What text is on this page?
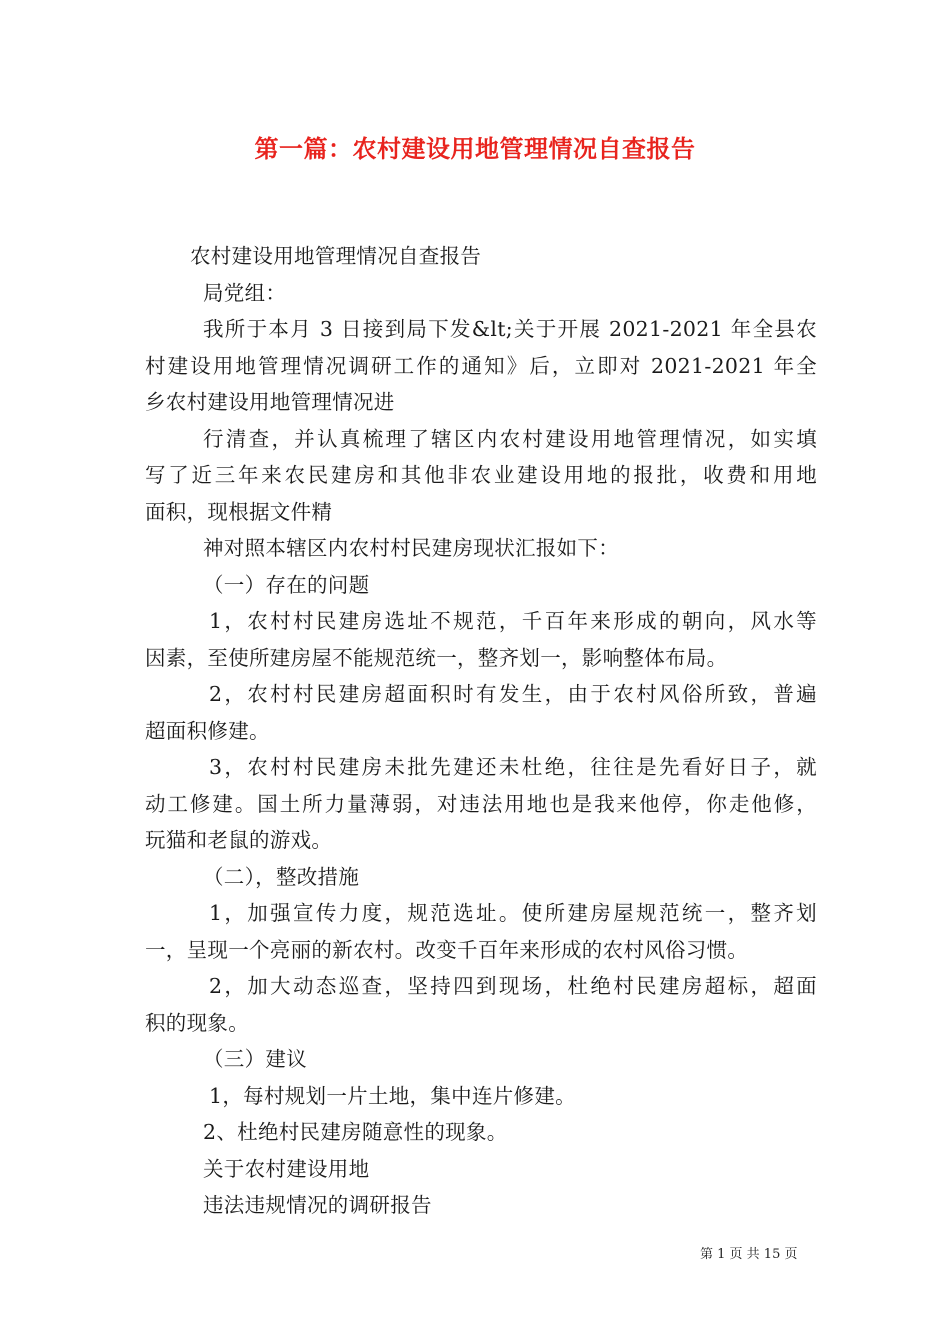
第一篇：农村建设用地管理情况自查报告
农村建设用地管理情况自查报告
局党组：
我所于本月 3 日接到局下发&lt;关于开展 2021-2021 年全县农
村建设用地管理情况调研工作的通知》后，立即对 2021-2021 年全
乡农村建设用地管理情况进
行清查，并认真梳理了辖区内农村建设用地管理情况，如实填
写了近三年来农民建房和其他非农业建设用地的报批，收费和用地
面积，现根据文件精
神对照本辖区内农村村民建房现状汇报如下：
（一）存在的问题
1，农村村民建房选址不规范，千百年来形成的朝向，风水等
因素，至使所建房屋不能规范统一，整齐划一，影响整体布局。
2，农村村民建房超面积时有发生，由于农村风俗所致，普遍
超面积修建。
3，农村村民建房未批先建还未杜绝，往往是先看好日子，就
动工修建。国土所力量薄弱，对违法用地也是我来他停，你走他修，
玩猫和老鼠的游戏。
（二），整改措施
1，加强宣传力度，规范选址。使所建房屋规范统一，整齐划
一，呈现一个亮丽的新农村。改变千百年来形成的农村风俗习惯。
2，加大动态巡查，坚持四到现场，杜绝村民建房超标，超面
积的现象。
（三）建议
1，每村规划一片土地，集中连片修建。
2、杜绝村民建房随意性的现象。
关于农村建设用地
违法违规情况的调研报告
第 1 页 共 15 页
